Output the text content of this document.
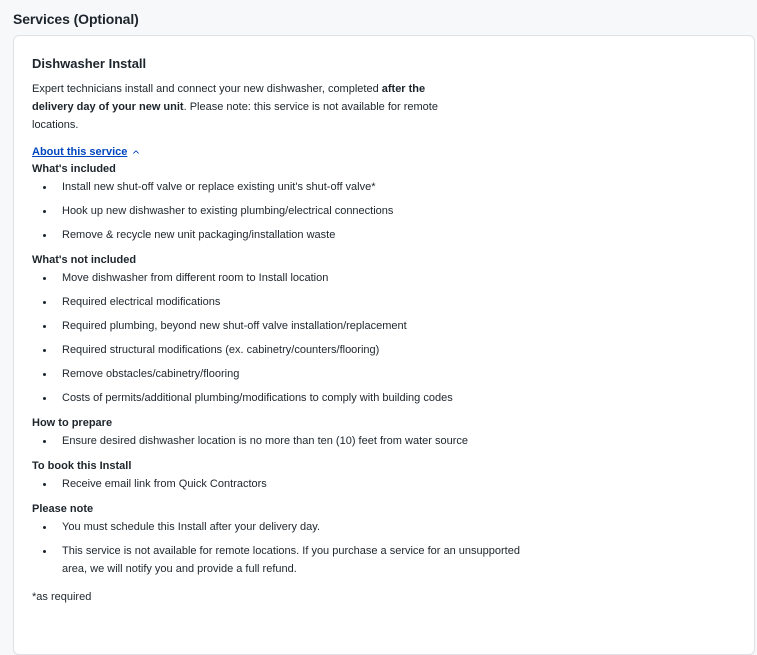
Services (Optional)
Dishwasher Install

Expert technicians install and connect your new dishwasher, completed after the delivery day of your new unit. Please note: this service is not available for remote locations.

About this service

What's included

Install new shut-off valve or replace existing unit's shut-off valve*
Hook up new dishwasher to existing plumbing/electrical connections
Remove & recycle new unit packaging/installation waste

What's not included

Move dishwasher from different room to Install location
Required electrical modifications
Required plumbing, beyond new shut-off valve installation/replacement
Required structural modifications (ex. cabinetry/counters/flooring)
Remove obstacles/cabinetry/flooring
Costs of permits/additional plumbing/modifications to comply with building codes

How to prepare

Ensure desired dishwasher location is no more than ten (10) feet from water source

To book this Install

Receive email link from Quick Contractors

Please note

You must schedule this Install after your delivery day.
This service is not available for remote locations. If you purchase a service for an unsupported area, we will notify you and provide a full refund.

*as required
